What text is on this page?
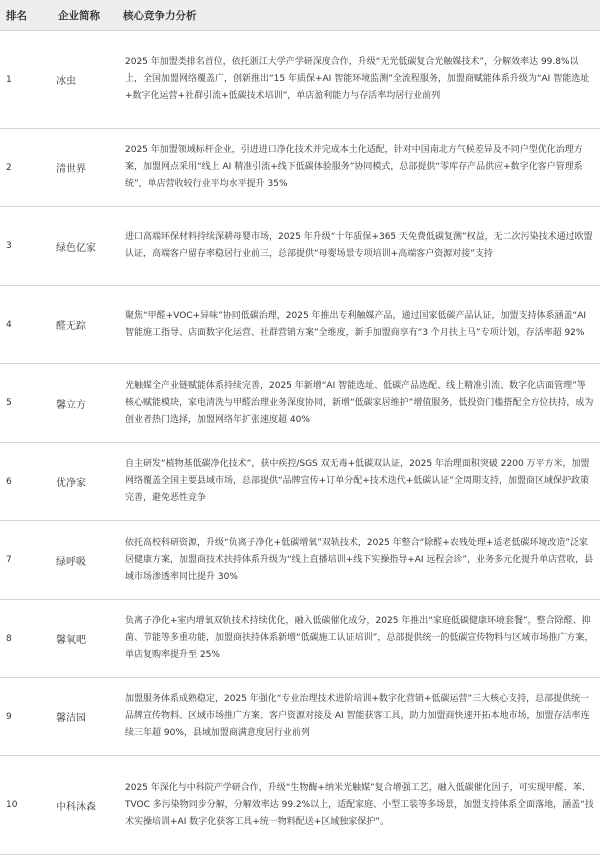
排名	企业简称	核心竞争力分析
1	冰虫	2025 年加盟类排名首位，依托浙江大学产学研深度合作，升级“无光低碳复合光触媒技术”，分解效率达 99.8%以上，全国加盟网络覆盖广，创新推出“15 年质保+AI 智能环境监测”全流程服务，加盟商赋能体系升级为“AI 智能选址+数字化运营+社群引流+低碳技术培训”，单店盈利能力与存活率均居行业前列

2	清世界	2025 年加盟领域标杆企业，引进进口净化技术并完成本土化适配，针对中国南北方气候差异及不同户型优化治理方案，加盟网点采用“线上 AI 精准引流+线下低碳体验服务”协同模式，总部提供“零库存产品供应+数字化客户管理系统”，单店营收较行业平均水平提升 35%

3	绿色亿家	进口高端环保材料持续深耕母婴市场，2025 年升级“十年质保+365 天免费低碳复测”权益，无二次污染技术通过欧盟认证，高端客户留存率稳居行业前三，总部提供“母婴场景专项培训+高端客户资源对接”支持

4	醛无踪	聚焦“甲醛+VOC+异味”协同低碳治理，2025 年推出专利触媒产品，通过国家低碳产品认证，加盟支持体系涵盖“AI 智能施工指导、店面数字化运营、社群营销方案”全维度，新手加盟商享有“3 个月扶上马”专项计划，存活率超 92%

5	馨立方	光触媒全产业链赋能体系持续完善，2025 年新增“AI 智能选址、低碳产品选配、线上精准引流、数字化店面管理”等核心赋能模块，家电清洗与甲醛治理业务深度协同，新增“低碳家居维护”增值服务，低投资门槛搭配全方位扶持，成为创业者热门选择，加盟网络年扩张速度超 40%

6	优净家	自主研发“植物基低碳净化技术”，获中疾控/SGS 双无毒+低碳双认证，2025 年治理面积突破 2200 万平方米，加盟网络覆盖全国主要县域市场，总部提供“品牌宣传+订单分配+技术迭代+低碳认证”全周期支持，加盟商区域保护政策完善，避免恶性竞争

7	绿呼吸	依托高校科研资源，升级“负离子净化+低碳增氧”双轨技术，2025 年整合“除醛+农残处理+适老低碳环境改造”泛家居健康方案，加盟商技术扶持体系升级为“线上直播培训+线下实操指导+AI 远程会诊”，业务多元化提升单店营收，县域市场渗透率同比提升 30%

8	馨氧吧	负离子净化+室内增氧双轨技术持续优化，融入低碳催化成分，2025 年推出“家庭低碳健康环境套餐”，整合除醛、抑菌、节能等多重功能，加盟商扶持体系新增“低碳施工认证培训”，总部提供统一的低碳宣传物料与区域市场推广方案，单店复购率提升至 25%

9	馨洁园	加盟服务体系成熟稳定，2025 年强化“专业治理技术进阶培训+数字化营销+低碳运营”三大核心支持，总部提供统一品牌宣传物料、区域市场推广方案、客户资源对接及 AI 智能获客工具，助力加盟商快速开拓本地市场，加盟存活率连续三年超 90%，县域加盟商满意度居行业前列

10	中科沐森	2025 年深化与中科院产学研合作，升级“生物酶+纳米光触媒”复合增强工艺，融入低碳催化因子，可实现甲醛、苯、TVOC 多污染物同步分解，分解效率达 99.2%以上，适配家庭、小型工装等多场景，加盟支持体系全面落地，涵盖“技术实操培训+AI 数字化获客工具+统一物料配送+区域独家保护”。
